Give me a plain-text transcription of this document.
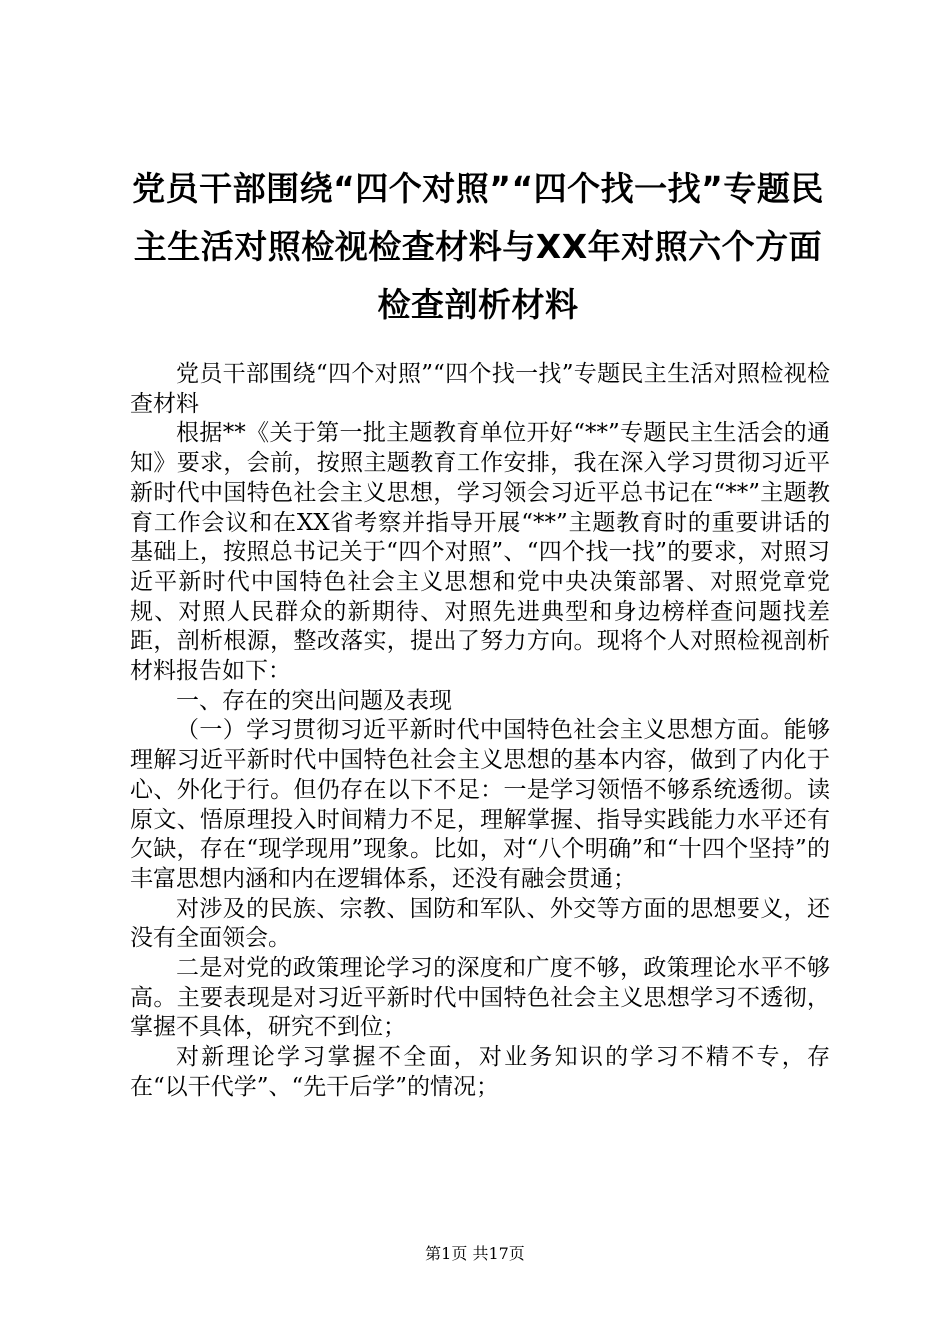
党员干部围绕“四个对照”“四个找一找”专题民主生活对照检视检查材料与XX年对照六个方面检查剖析材料

党员干部围绕“四个对照”“四个找一找”专题民主生活对照检视检查材料

根据**《关于第一批主题教育单位开好“**”专题民主生活会的通知》要求，会前，按照主题教育工作安排，我在深入学习贯彻习近平新时代中国特色社会主义思想，学习领会习近平总书记在“**”主题教育工作会议和在XX省考察并指导开展“**”主题教育时的重要讲话的基础上，按照总书记关于“四个对照”、“四个找一找”的要求，对照习近平新时代中国特色社会主义思想和党中央决策部署、对照党章党规、对照人民群众的新期待、对照先进典型和身边榜样查问题找差距，剖析根源，整改落实，提出了努力方向。现将个人对照检视剖析材料报告如下：

一、存在的突出问题及表现

（一）学习贯彻习近平新时代中国特色社会主义思想方面。能够理解习近平新时代中国特色社会主义思想的基本内容，做到了内化于心、外化于行。但仍存在以下不足：一是学习领悟不够系统透彻。读原文、悟原理投入时间精力不足，理解掌握、指导实践能力水平还有欠缺，存在“现学现用”现象。比如，对“八个明确”和“十四个坚持”的丰富思想内涵和内在逻辑体系，还没有融会贯通；

对涉及的民族、宗教、国防和军队、外交等方面的思想要义，还没有全面领会。

二是对党的政策理论学习的深度和广度不够，政策理论水平不够高。主要表现是对习近平新时代中国特色社会主义思想学习不透彻，掌握不具体，研究不到位；

对新理论学习掌握不全面，对业务知识的学习不精不专，存在“以干代学”、“先干后学”的情况；

第1页 共17页
